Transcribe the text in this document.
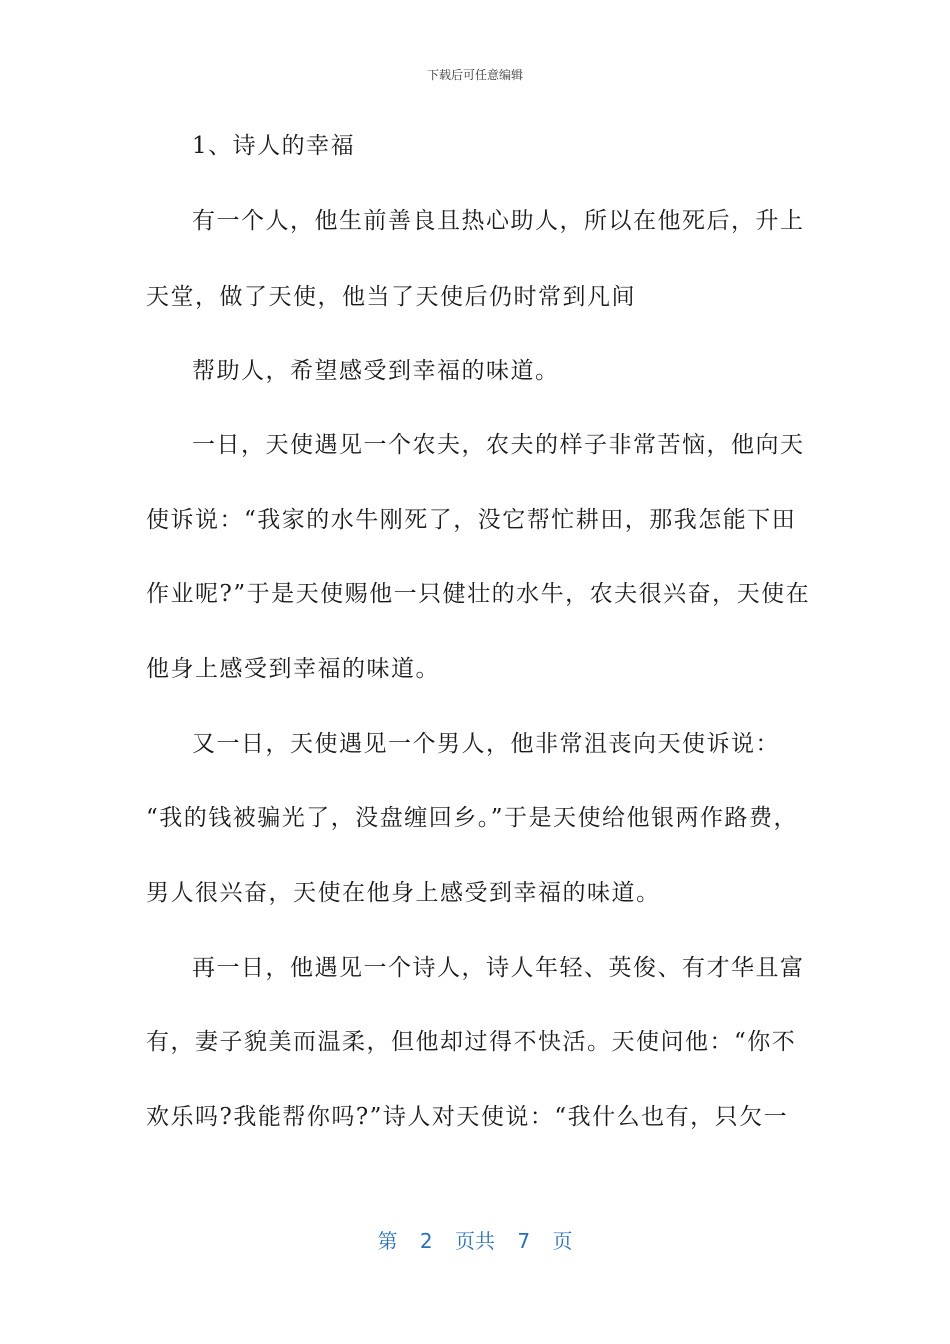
下载后可任意编辑
1、诗人的幸福
有一个人，他生前善良且热心助人，所以在他死后，升上
天堂，做了天使，他当了天使后仍时常到凡间
帮助人，希望感受到幸福的味道。
一日，天使遇见一个农夫，农夫的样子非常苦恼，他向天
使诉说：“我家的水牛刚死了，没它帮忙耕田，那我怎能下田
作业呢?”于是天使赐他一只健壮的水牛，农夫很兴奋，天使在
他身上感受到幸福的味道。
又一日，天使遇见一个男人，他非常沮丧向天使诉说：
“我的钱被骗光了，没盘缠回乡。”于是天使给他银两作路费，
男人很兴奋，天使在他身上感受到幸福的味道。
再一日，他遇见一个诗人，诗人年轻、英俊、有才华且富
有，妻子貌美而温柔，但他却过得不快活。天使问他：“你不
欢乐吗?我能帮你吗?”诗人对天使说：“我什么也有，只欠一
第 2 页共 7 页
